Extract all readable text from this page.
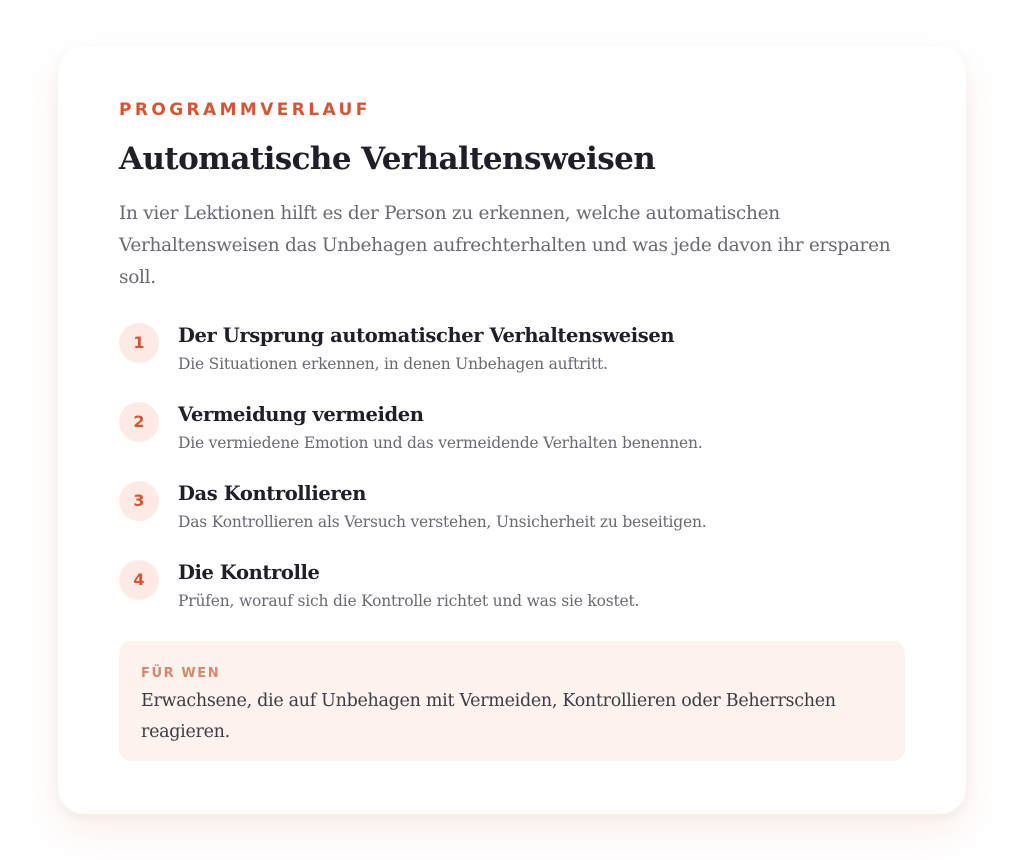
PROGRAMMVERLAUF
Automatische Verhaltensweisen

In vier Lektionen hilft es der Person zu erkennen, welche automatischen Verhaltensweisen das Unbehagen aufrechterhalten und was jede davon ihr ersparen soll.

1	Der Ursprung automatischer Verhaltensweisen
Die Situationen erkennen, in denen Unbehagen auftritt.
2	Vermeidung vermeiden
Die vermiedene Emotion und das vermeidende Verhalten benennen.
3	Das Kontrollieren
Das Kontrollieren als Versuch verstehen, Unsicherheit zu beseitigen.
4	Die Kontrolle
Prüfen, worauf sich die Kontrolle richtet und was sie kostet.
FÜR WEN

Erwachsene, die auf Unbehagen mit Vermeiden, Kontrollieren oder Beherrschen reagieren.
